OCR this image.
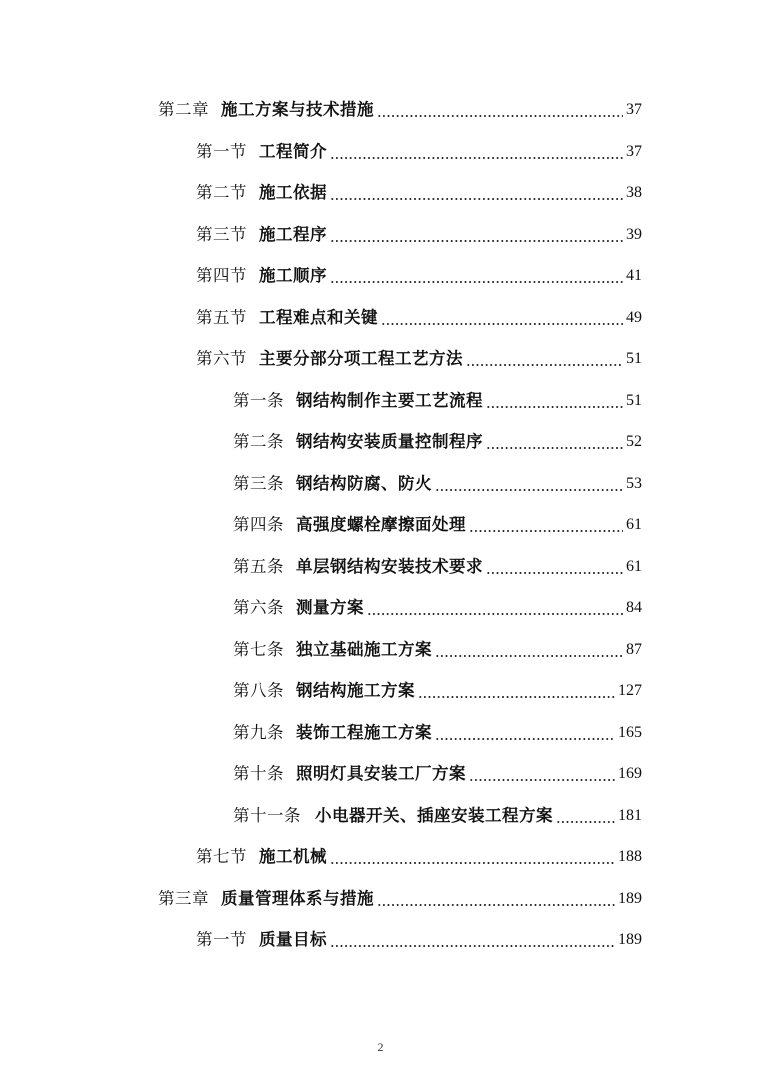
第二章 施工方案与技术措施	37
第一节 工程简介	37
第二节 施工依据	38
第三节 施工程序	39
第四节 施工顺序	41
第五节 工程难点和关键	49
第六节 主要分部分项工程工艺方法	51
第一条 钢结构制作主要工艺流程	51
第二条 钢结构安装质量控制程序	52
第三条 钢结构防腐、防火	53
第四条 高强度螺栓摩擦面处理	61
第五条 单层钢结构安装技术要求	61
第六条 测量方案	84
第七条 独立基础施工方案	87
第八条 钢结构施工方案	127
第九条 装饰工程施工方案	165
第十条 照明灯具安装工厂方案	169
第十一条 小电器开关、插座安装工程方案	181
第七节 施工机械	188
第三章 质量管理体系与措施	189
第一节 质量目标	189
2
